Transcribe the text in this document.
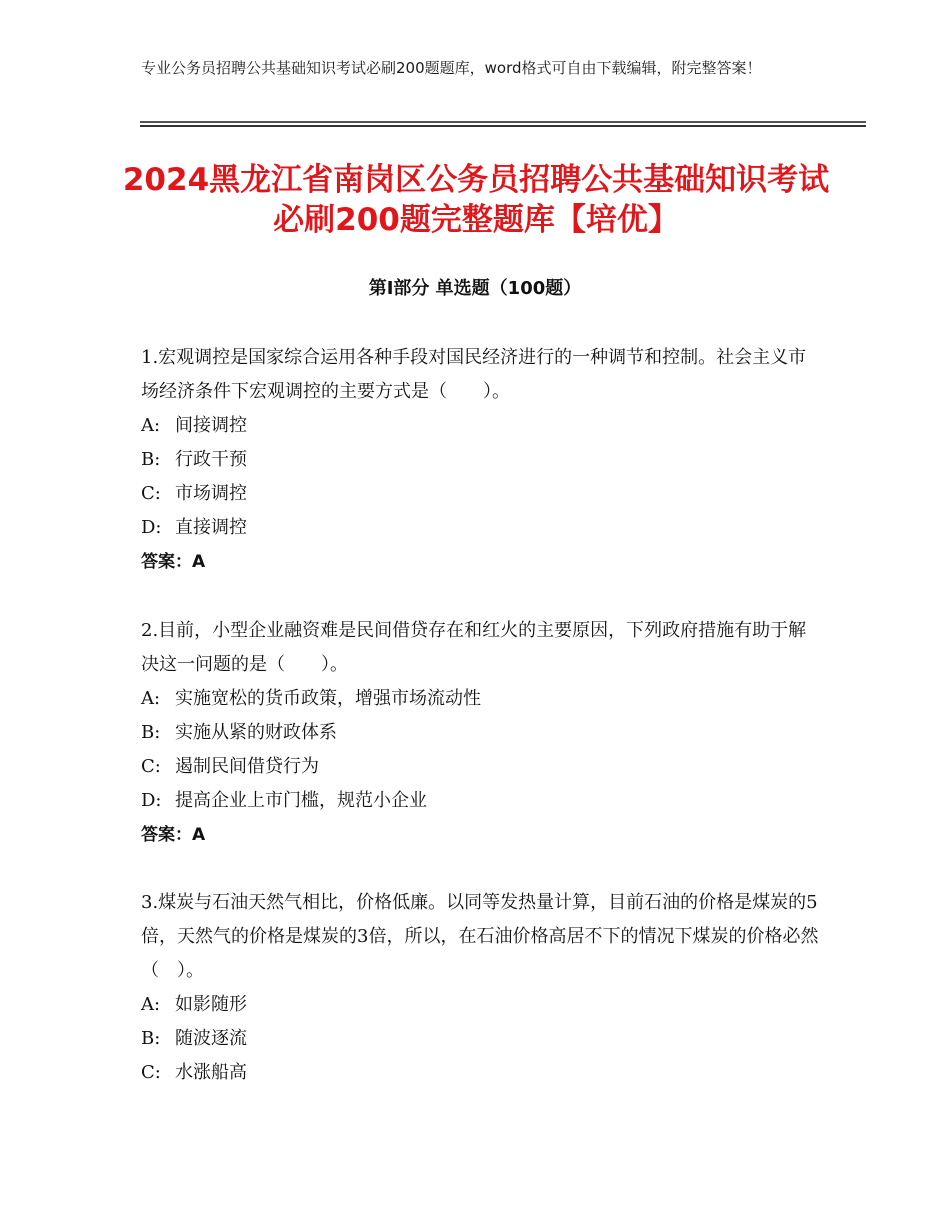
专业公务员招聘公共基础知识考试必刷200题题库，word格式可自由下载编辑，附完整答案！
2024黑龙江省南岗区公务员招聘公共基础知识考试必刷200题完整题库【培优】
第Ⅰ部分 单选题（100题）

1.宏观调控是国家综合运用各种手段对国民经济进行的一种调节和控制。社会主义市场经济条件下宏观调控的主要方式是（　　）。

A: 间接调控

B: 行政干预

C: 市场调控

D: 直接调控

答案：A

2.目前，小型企业融资难是民间借贷存在和红火的主要原因，下列政府措施有助于解决这一问题的是（　　）。

A: 实施宽松的货币政策，增强市场流动性

B: 实施从紧的财政体系

C: 遏制民间借贷行为

D: 提高企业上市门槛，规范小企业

答案：A

3.煤炭与石油天然气相比，价格低廉。以同等发热量计算，目前石油的价格是煤炭的5倍，天然气的价格是煤炭的3倍，所以，在石油价格高居不下的情况下煤炭的价格必然（　）。

A: 如影随形

B: 随波逐流

C: 水涨船高
